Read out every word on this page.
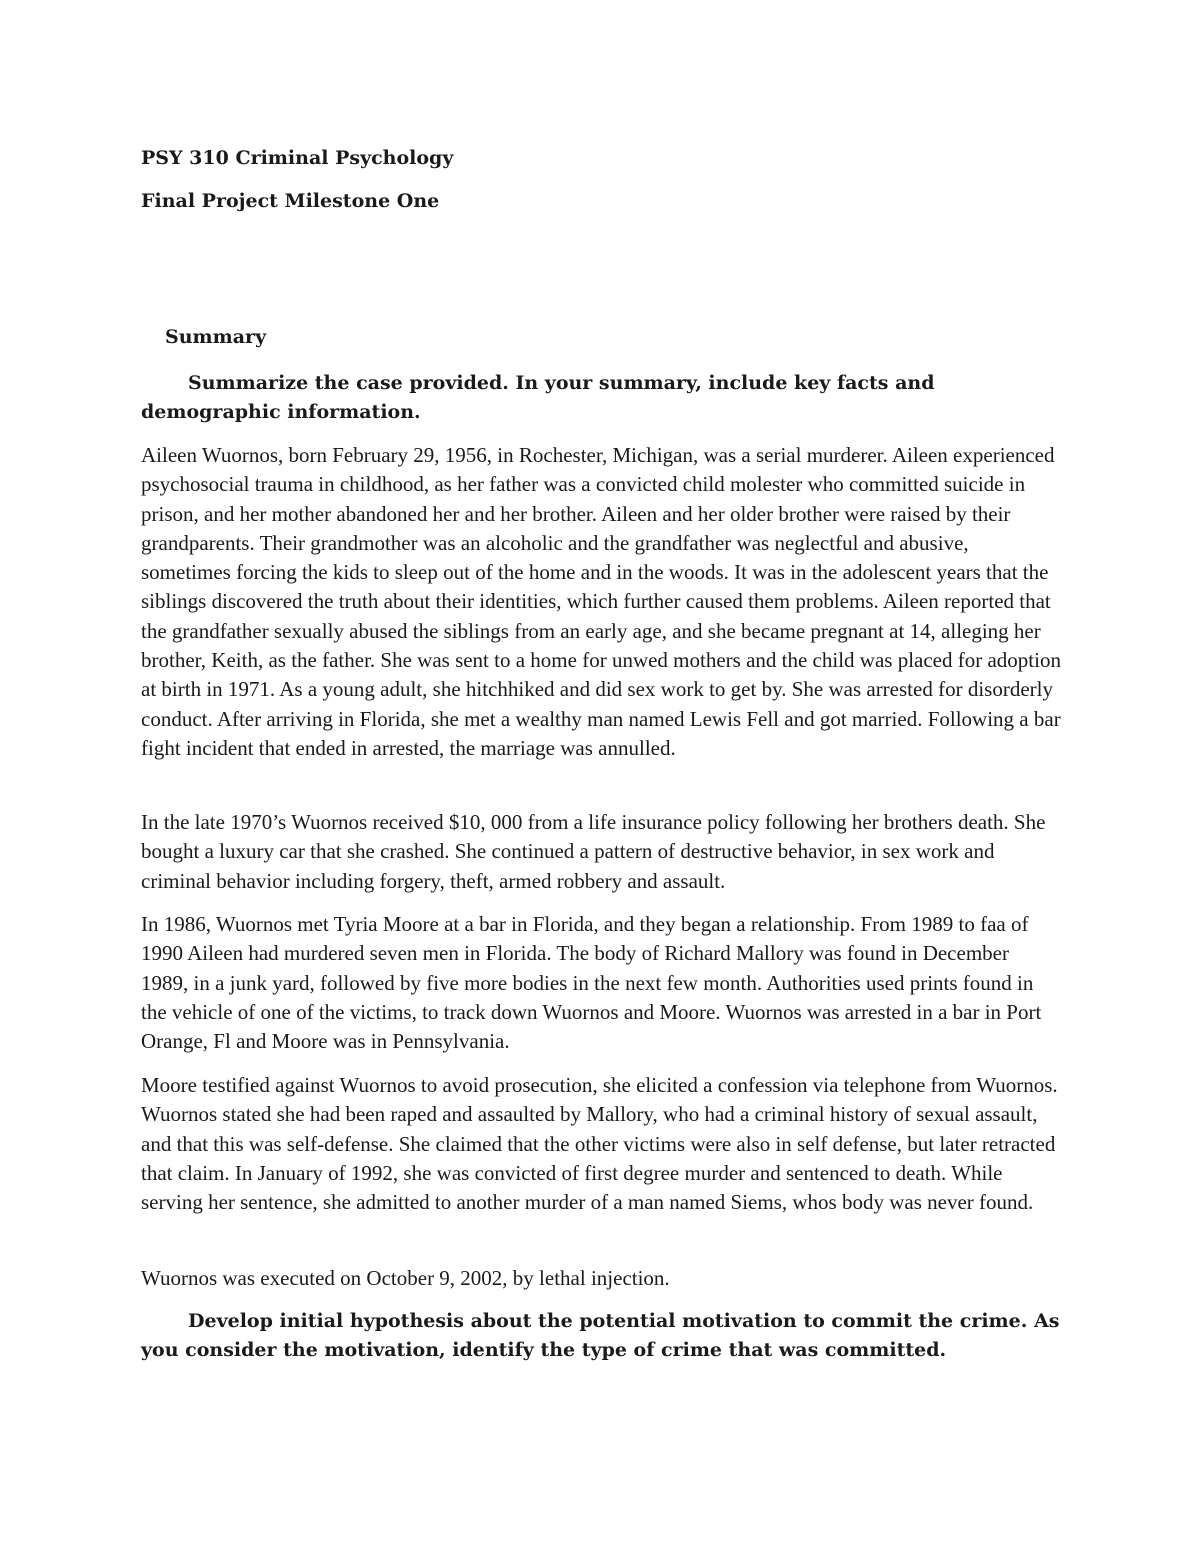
PSY 310 Criminal Psychology

Final Project Milestone One

Summary

Summarize the case provided. In your summary, include key facts and demographic information.

Aileen Wuornos, born February 29, 1956, in Rochester, Michigan, was a serial murderer. Aileen experienced psychosocial trauma in childhood, as her father was a convicted child molester who committed suicide in prison, and her mother abandoned her and her brother. Aileen and her older brother were raised by their grandparents. Their grandmother was an alcoholic and the grandfather was neglectful and abusive, sometimes forcing the kids to sleep out of the home and in the woods. It was in the adolescent years that the siblings discovered the truth about their identities, which further caused them problems. Aileen reported that the grandfather sexually abused the siblings from an early age, and she became pregnant at 14, alleging her brother, Keith, as the father. She was sent to a home for unwed mothers and the child was placed for adoption at birth in 1971. As a young adult, she hitchhiked and did sex work to get by. She was arrested for disorderly conduct. After arriving in Florida, she met a wealthy man named Lewis Fell and got married. Following a bar fight incident that ended in arrested, the marriage was annulled.

In the late 1970’s Wuornos received $10, 000 from a life insurance policy following her brothers death. She bought a luxury car that she crashed. She continued a pattern of destructive behavior, in sex work and criminal behavior including forgery, theft, armed robbery and assault.

In 1986, Wuornos met Tyria Moore at a bar in Florida, and they began a relationship. From 1989 to faa of 1990 Aileen had murdered seven men in Florida. The body of Richard Mallory was found in December 1989, in a junk yard, followed by five more bodies in the next few month. Authorities used prints found in the vehicle of one of the victims, to track down Wuornos and Moore. Wuornos was arrested in a bar in Port Orange, Fl and Moore was in Pennsylvania.

Moore testified against Wuornos to avoid prosecution, she elicited a confession via telephone from Wuornos. Wuornos stated she had been raped and assaulted by Mallory, who had a criminal history of sexual assault, and that this was self-defense. She claimed that the other victims were also in self defense, but later retracted that claim. In January of 1992, she was convicted of first degree murder and sentenced to death. While serving her sentence, she admitted to another murder of a man named Siems, whos body was never found.

Wuornos was executed on October 9, 2002, by lethal injection.

Develop initial hypothesis about the potential motivation to commit the crime. As you consider the motivation, identify the type of crime that was committed.
